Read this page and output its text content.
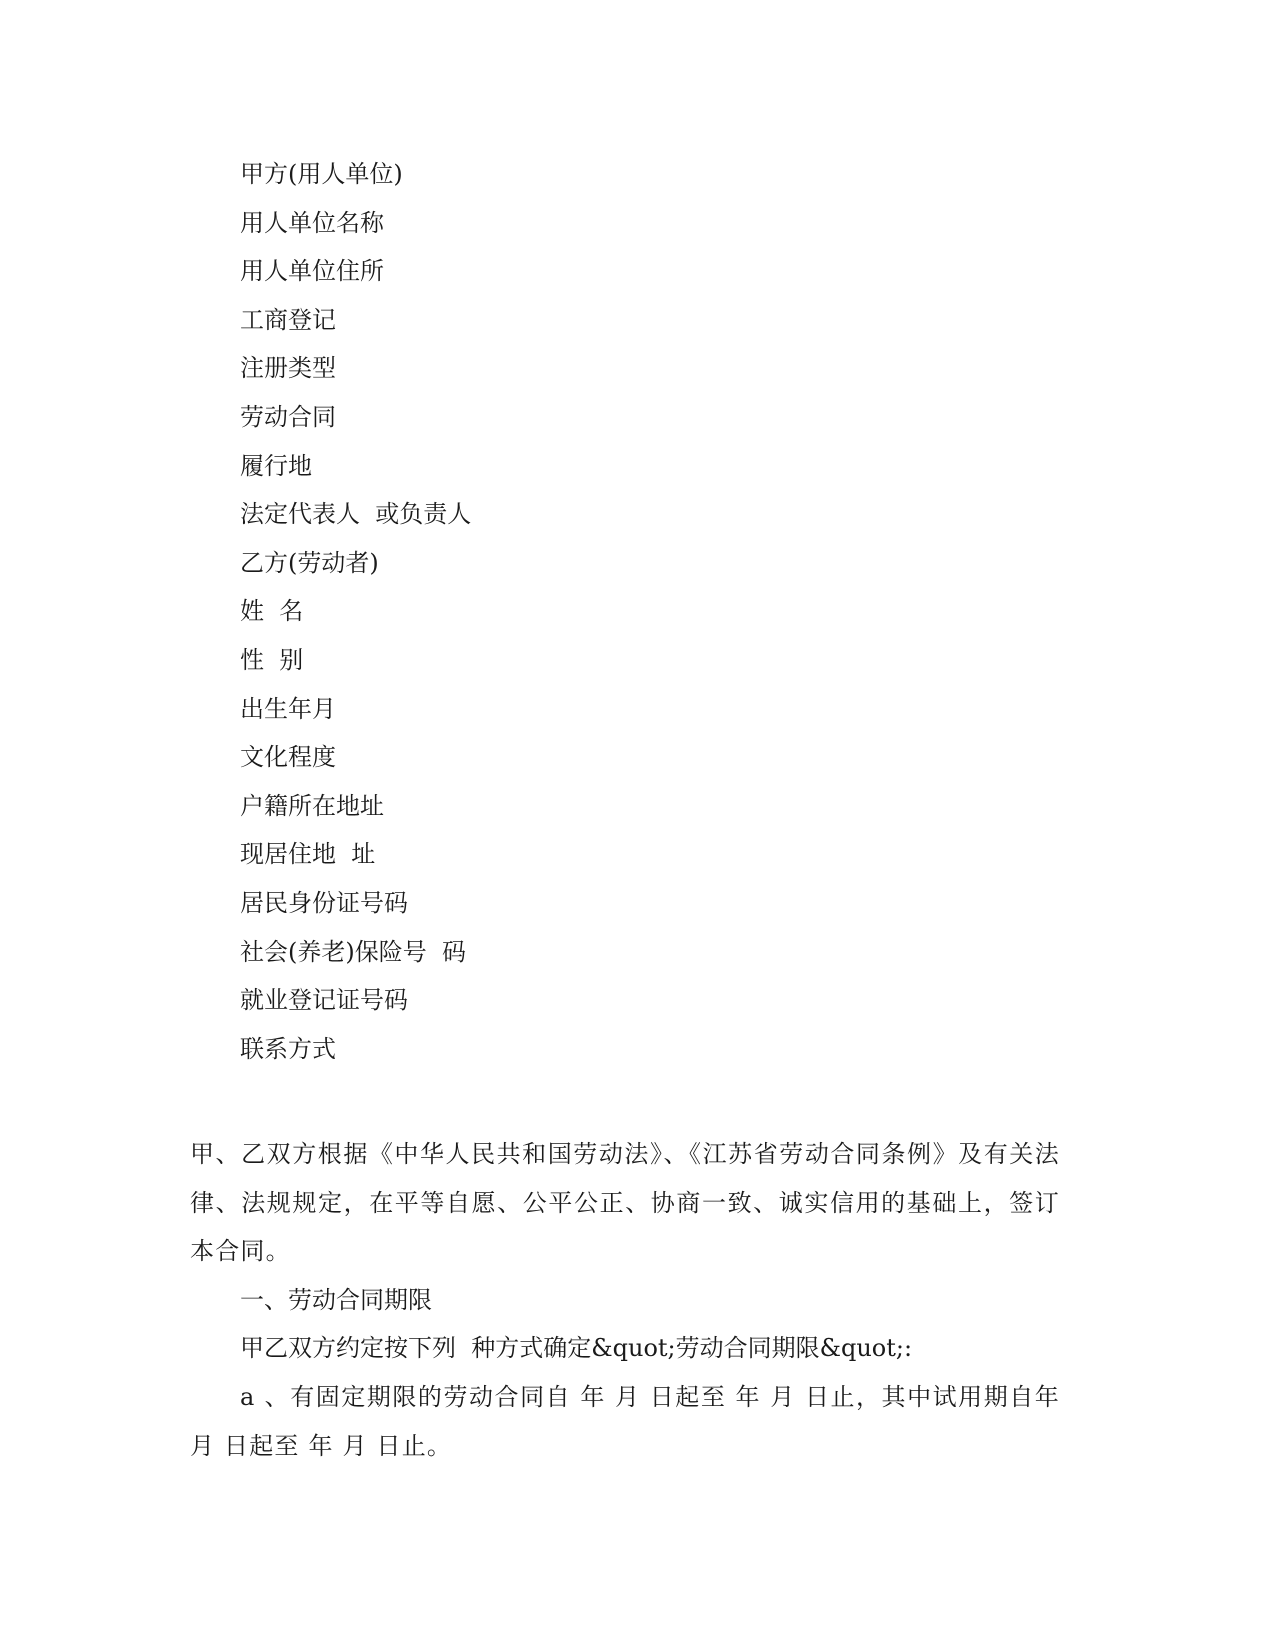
甲方(用人单位)
用人单位名称
用人单位住所
工商登记
注册类型
劳动合同
履行地
法定代表人  或负责人
乙方(劳动者)
姓  名
性  别
出生年月
文化程度
户籍所在地址
现居住地  址
居民身份证号码
社会(养老)保险号  码
就业登记证号码
联系方式

甲、乙双方根据《中华人民共和国劳动法》、《江苏省劳动合同条例》及有关法律、法规规定，在平等自愿、公平公正、协商一致、诚实信用的基础上，签订本合同。

一、劳动合同期限

甲乙双方约定按下列  种方式确定&quot;劳动合同期限&quot;:

a 、有固定期限的劳动合同自 年 月 日起至 年 月 日止，其中试用期自年月 日起至 年 月 日止。
